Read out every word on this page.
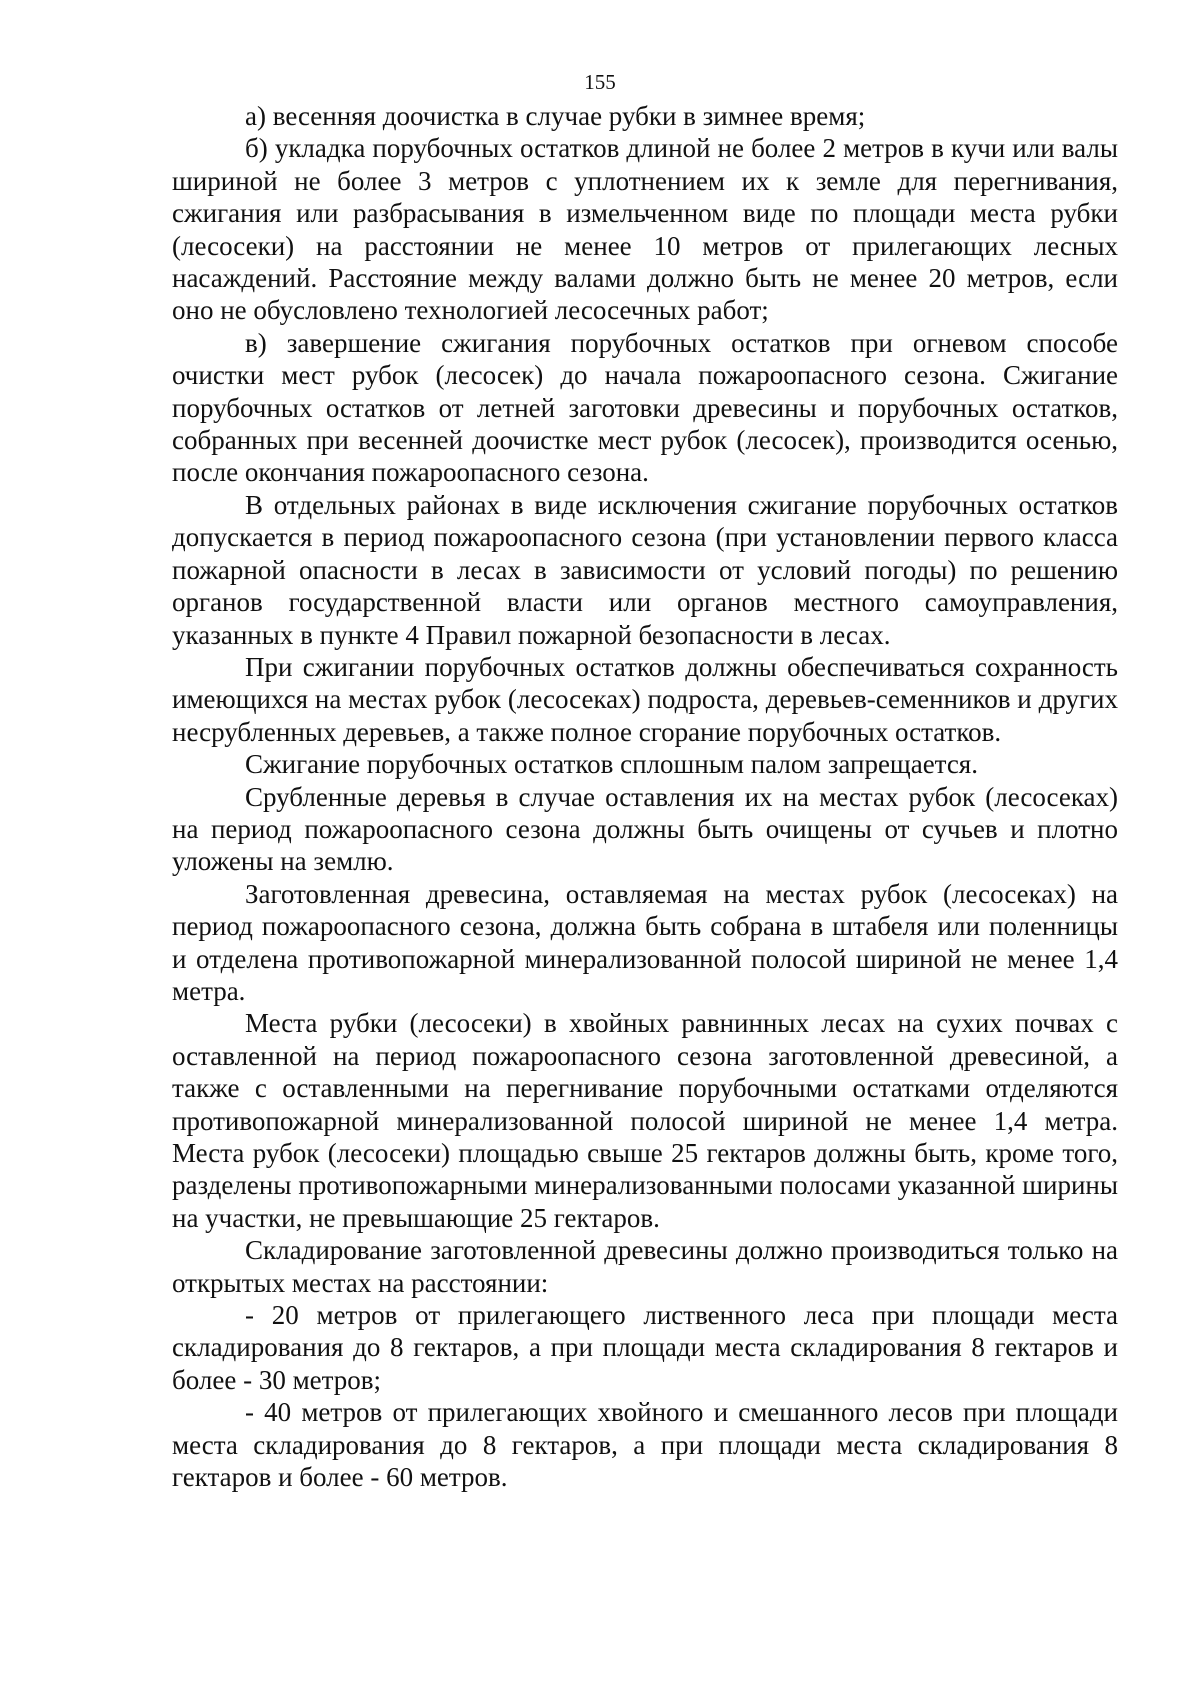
155

а) весенняя доочистка в случае рубки в зимнее время;

б) укладка порубочных остатков длиной не более 2 метров в кучи или валы шириной не более 3 метров с уплотнением их к земле для перегнивания, сжигания или разбрасывания в измельченном виде по площади места рубки (лесосеки) на расстоянии не менее 10 метров от прилегающих лесных насаждений. Расстояние между валами должно быть не менее 20 метров, если оно не обусловлено технологией лесосечных работ;

в) завершение сжигания порубочных остатков при огневом способе очистки мест рубок (лесосек) до начала пожароопасного сезона. Сжигание порубочных остатков от летней заготовки древесины и порубочных остатков, собранных при весенней доочистке мест рубок (лесосек), производится осенью, после окончания пожароопасного сезона.

В отдельных районах в виде исключения сжигание порубочных остатков допускается в период пожароопасного сезона (при установлении первого класса пожарной опасности в лесах в зависимости от условий погоды) по решению органов государственной власти или органов местного самоуправления, указанных в пункте 4 Правил пожарной безопасности в лесах.

При сжигании порубочных остатков должны обеспечиваться сохранность имеющихся на местах рубок (лесосеках) подроста, деревьев-семенников и других несрубленных деревьев, а также полное сгорание порубочных остатков.

Сжигание порубочных остатков сплошным палом запрещается.

Срубленные деревья в случае оставления их на местах рубок (лесосеках) на период пожароопасного сезона должны быть очищены от сучьев и плотно уложены на землю.

Заготовленная древесина, оставляемая на местах рубок (лесосеках) на период пожароопасного сезона, должна быть собрана в штабеля или поленницы и отделена противопожарной минерализованной полосой шириной не менее 1,4 метра.

Места рубки (лесосеки) в хвойных равнинных лесах на сухих почвах с оставленной на период пожароопасного сезона заготовленной древесиной, а также с оставленными на перегнивание порубочными остатками отделяются противопожарной минерализованной полосой шириной не менее 1,4 метра. Места рубок (лесосеки) площадью свыше 25 гектаров должны быть, кроме того, разделены противопожарными минерализованными полосами указанной ширины на участки, не превышающие 25 гектаров.

Складирование заготовленной древесины должно производиться только на открытых местах на расстоянии:

- 20 метров от прилегающего лиственного леса при площади места складирования до 8 гектаров, а при площади места складирования 8 гектаров и более - 30 метров;

- 40 метров от прилегающих хвойного и смешанного лесов при площади места складирования до 8 гектаров, а при площади места складирования 8 гектаров и более - 60 метров.
